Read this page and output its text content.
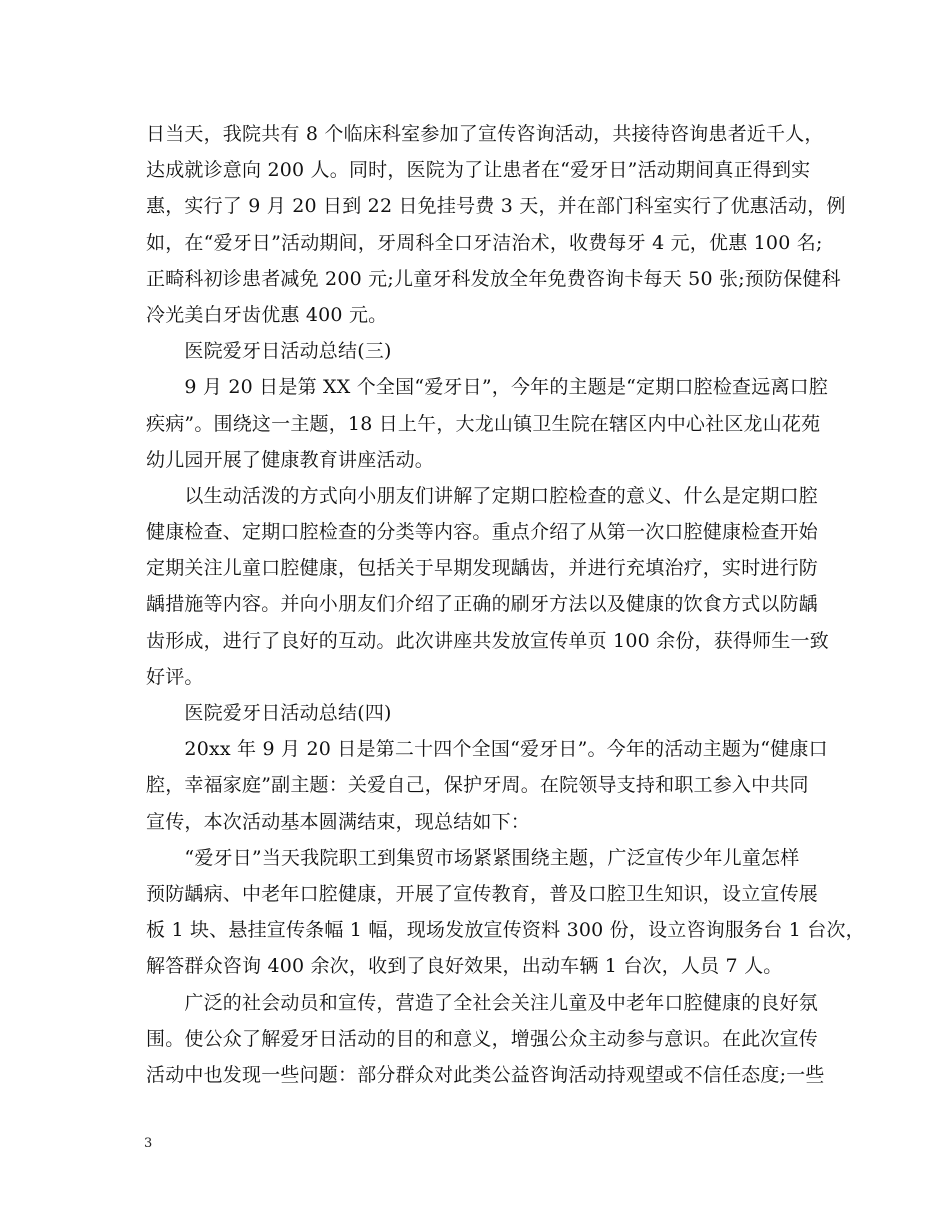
日当天，我院共有 8 个临床科室参加了宣传咨询活动，共接待咨询患者近千人，
达成就诊意向 200 人。同时，医院为了让患者在“爱牙日”活动期间真正得到实
惠，实行了 9 月 20 日到 22 日免挂号费 3 天，并在部门科室实行了优惠活动，例
如，在“爱牙日”活动期间，牙周科全口牙洁治术，收费每牙 4 元，优惠 100 名;
正畸科初诊患者减免 200 元;儿童牙科发放全年免费咨询卡每天 50 张;预防保健科
冷光美白牙齿优惠 400 元。
　　医院爱牙日活动总结(三)
　　9 月 20 日是第 XX 个全国“爱牙日”，今年的主题是“定期口腔检查远离口腔
疾病”。围绕这一主题，18 日上午，大龙山镇卫生院在辖区内中心社区龙山花苑
幼儿园开展了健康教育讲座活动。
　　以生动活泼的方式向小朋友们讲解了定期口腔检查的意义、什么是定期口腔
健康检查、定期口腔检查的分类等内容。重点介绍了从第一次口腔健康检查开始
定期关注儿童口腔健康，包括关于早期发现龋齿，并进行充填治疗，实时进行防
龋措施等内容。并向小朋友们介绍了正确的刷牙方法以及健康的饮食方式以防龋
齿形成，进行了良好的互动。此次讲座共发放宣传单页 100 余份，获得师生一致
好评。
　　医院爱牙日活动总结(四)
　　20xx 年 9 月 20 日是第二十四个全国“爱牙日”。今年的活动主题为“健康口
腔，幸福家庭”副主题：关爱自己，保护牙周。在院领导支持和职工参入中共同
宣传，本次活动基本圆满结束，现总结如下：
　　“爱牙日”当天我院职工到集贸市场紧紧围绕主题，广泛宣传少年儿童怎样
预防龋病、中老年口腔健康，开展了宣传教育，普及口腔卫生知识，设立宣传展
板 1 块、悬挂宣传条幅 1 幅，现场发放宣传资料 300 份，设立咨询服务台 1 台次，
解答群众咨询 400 余次，收到了良好效果，出动车辆 1 台次，人员 7 人。
　　广泛的社会动员和宣传，营造了全社会关注儿童及中老年口腔健康的良好氛
围。使公众了解爱牙日活动的目的和意义，增强公众主动参与意识。在此次宣传
活动中也发现一些问题：部分群众对此类公益咨询活动持观望或不信任态度;一些
3
